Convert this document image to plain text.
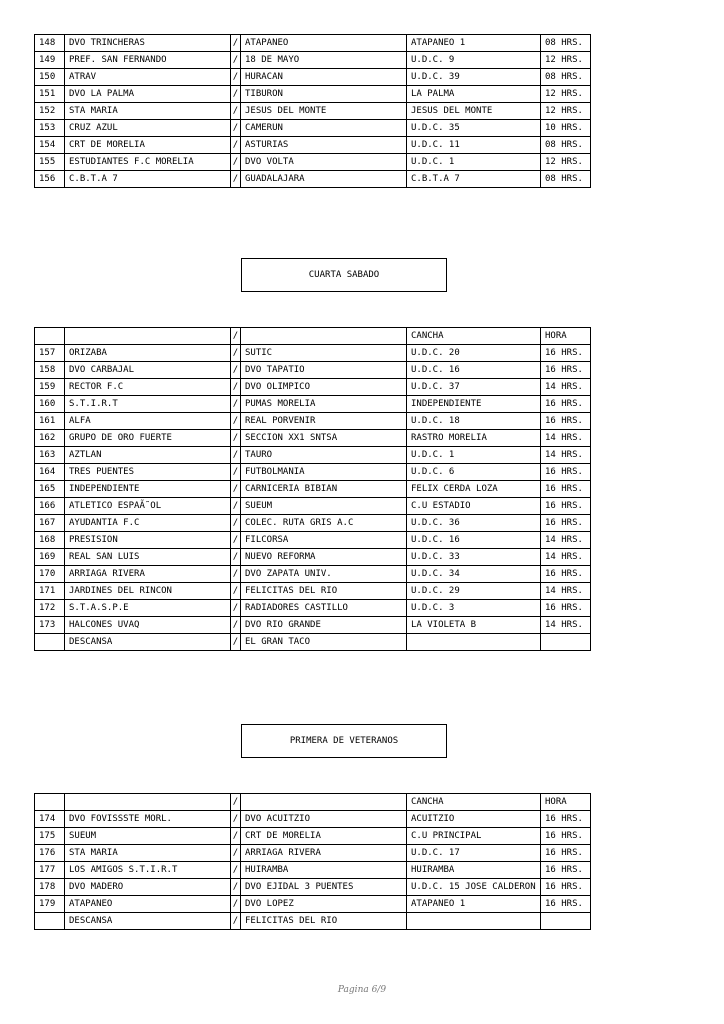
148	DVO TRINCHERAS	/	ATAPANEO	ATAPANEO 1	08 HRS.
149	PREF. SAN FERNANDO	/	18 DE MAYO	U.D.C. 9	12 HRS.
150	ATRAV	/	HURACAN	U.D.C. 39	08 HRS.
151	DVO LA PALMA	/	TIBURON	LA PALMA	12 HRS.
152	STA MARIA	/	JESUS DEL MONTE	JESUS DEL MONTE	12 HRS.
153	CRUZ AZUL	/	CAMERUN	U.D.C. 35	10 HRS.
154	CRT DE MORELIA	/	ASTURIAS	U.D.C. 11	08 HRS.
155	ESTUDIANTES F.C MORELIA	/	DVO VOLTA	U.D.C. 1	12 HRS.
156	C.B.T.A 7	/	GUADALAJARA	C.B.T.A 7	08 HRS.
CUARTA SABADO
		/		CANCHA	HORA
157	ORIZABA	/	SUTIC	U.D.C. 20	16 HRS.
158	DVO CARBAJAL	/	DVO TAPATIO	U.D.C. 16	16 HRS.
159	RECTOR F.C	/	DVO OLIMPICO	U.D.C. 37	14 HRS.
160	S.T.I.R.T	/	PUMAS MORELIA	INDEPENDIENTE	16 HRS.
161	ALFA	/	REAL PORVENIR	U.D.C. 18	16 HRS.
162	GRUPO DE ORO FUERTE	/	SECCION XX1 SNTSA	RASTRO MORELIA	14 HRS.
163	AZTLAN	/	TAURO	U.D.C. 1	14 HRS.
164	TRES PUENTES	/	FUTBOLMANIA	U.D.C. 6	16 HRS.
165	INDEPENDIENTE	/	CARNICERIA BIBIAN	FELIX CERDA LOZA	16 HRS.
166	ATLETICO ESPAÃ˜OL	/	SUEUM	C.U ESTADIO	16 HRS.
167	AYUDANTIA F.C	/	COLEC. RUTA GRIS A.C	U.D.C. 36	16 HRS.
168	PRESISION	/	FILCORSA	U.D.C. 16	14 HRS.
169	REAL SAN LUIS	/	NUEVO REFORMA	U.D.C. 33	14 HRS.
170	ARRIAGA RIVERA	/	DVO ZAPATA UNIV.	U.D.C. 34	16 HRS.
171	JARDINES DEL RINCON	/	FELICITAS DEL RIO	U.D.C. 29	14 HRS.
172	S.T.A.S.P.E	/	RADIADORES CASTILLO	U.D.C. 3	16 HRS.
173	HALCONES UVAQ	/	DVO RIO GRANDE	LA VIOLETA B	14 HRS.
	DESCANSA	/	EL GRAN TACO		
PRIMERA DE VETERANOS
		/		CANCHA	HORA
174	DVO FOVISSSTE MORL.	/	DVO ACUITZIO	ACUITZIO	16 HRS.
175	SUEUM	/	CRT DE MORELIA	C.U PRINCIPAL	16 HRS.
176	STA MARIA	/	ARRIAGA RIVERA	U.D.C. 17	16 HRS.
177	LOS AMIGOS S.T.I.R.T	/	HUIRAMBA	HUIRAMBA	16 HRS.
178	DVO MADERO	/	DVO EJIDAL 3 PUENTES	U.D.C. 15 JOSE CALDERON	16 HRS.
179	ATAPANEO	/	DVO LOPEZ	ATAPANEO 1	16 HRS.
	DESCANSA	/	FELICITAS DEL RIO		
Pagina 6/9
